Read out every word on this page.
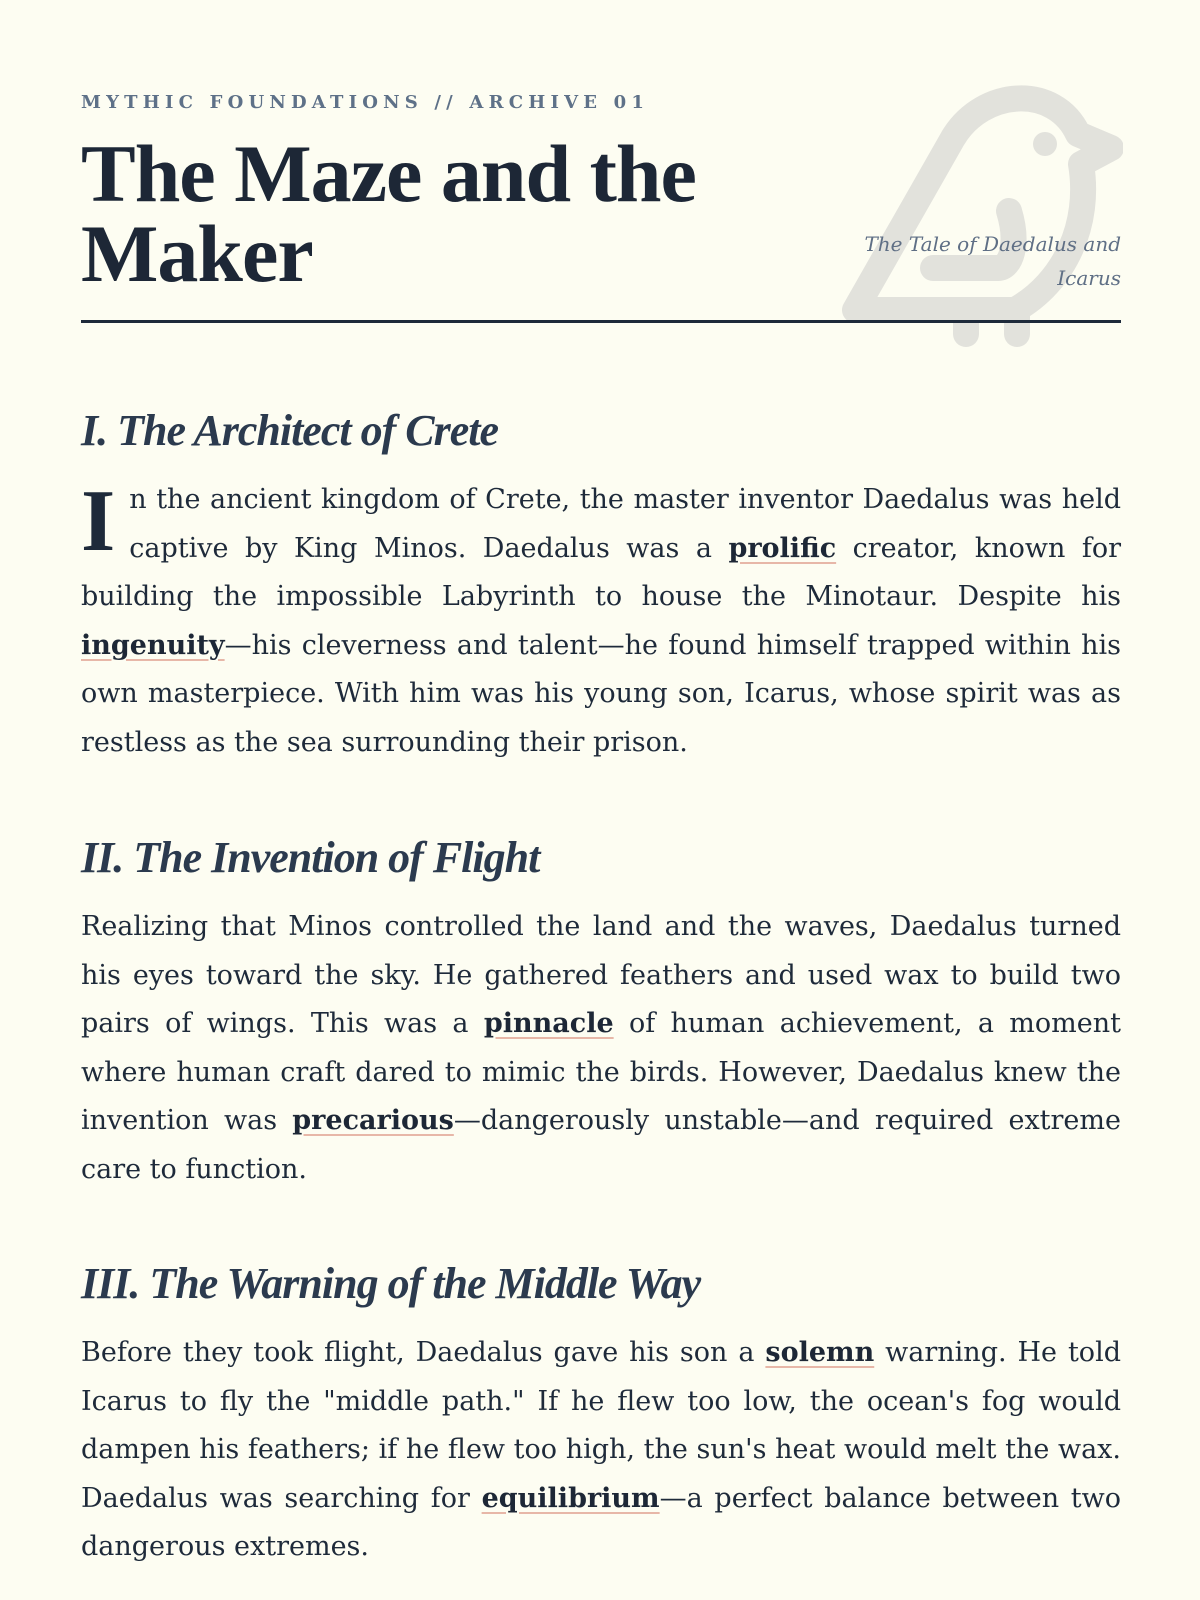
MYTHIC FOUNDATIONS // ARCHIVE 01
The Maze and the Maker	The Tale of Daedalus and Icarus
I. The Architect of Crete

In the ancient kingdom of Crete, the master inventor Daedalus was held captive by King Minos. Daedalus was a prolific creator, known for building the impossible Labyrinth to house the Minotaur. Despite his ingenuity—his cleverness and talent—he found himself trapped within his own masterpiece. With him was his young son, Icarus, whose spirit was as restless as the sea surrounding their prison.

II. The Invention of Flight

Realizing that Minos controlled the land and the waves, Daedalus turned his eyes toward the sky. He gathered feathers and used wax to build two pairs of wings. This was a pinnacle of human achievement, a moment where human craft dared to mimic the birds. However, Daedalus knew the invention was precarious—dangerously unstable—and required extreme care to function.

III. The Warning of the Middle Way

Before they took flight, Daedalus gave his son a solemn warning. He told Icarus to fly the "middle path." If he flew too low, the ocean's fog would dampen his feathers; if he flew too high, the sun's heat would melt the wax. Daedalus was searching for equilibrium—a perfect balance between two dangerous extremes.
